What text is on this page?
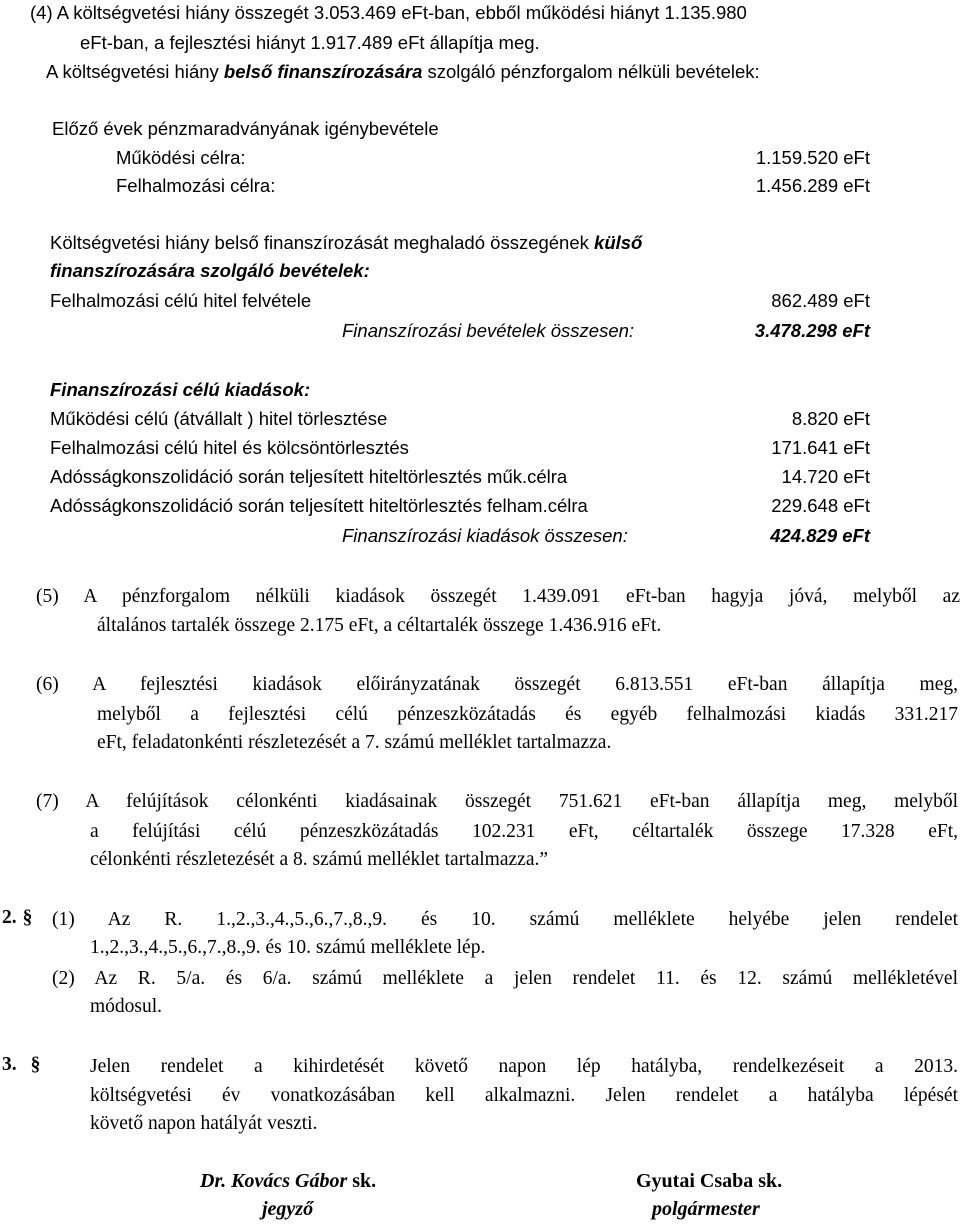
(4) A költségvetési hiány összegét 3.053.469 eFt-ban, ebből működési hiányt 1.135.980
eFt-ban, a fejlesztési hiányt 1.917.489 eFt állapítja meg.
A költségvetési hiány belső finanszírozására szolgáló pénzforgalom nélküli bevételek:
Előző évek pénzmaradványának igénybevétele
Működési célra:	1.159.520 eFt
Felhalmozási célra:	1.456.289 eFt
Költségvetési hiány belső finanszírozását meghaladó összegének külső
finanszírozására szolgáló bevételek:
Felhalmozási célú hitel felvétele	862.489 eFt
Finanszírozási bevételek összesen:	3.478.298 eFt
Finanszírozási célú kiadások:
Működési célú (átvállalt ) hitel törlesztése	8.820 eFt
Felhalmozási célú hitel és kölcsöntörlesztés	171.641 eFt
Adósságkonszolidáció során teljesített hiteltörlesztés műk.célra	14.720 eFt
Adósságkonszolidáció során teljesített hiteltörlesztés felham.célra	229.648 eFt
Finanszírozási kiadások összesen:	424.829 eFt
(5) A pénzforgalom nélküli kiadások összegét 1.439.091 eFt-ban hagyja jóvá, melyből az
általános tartalék összege 2.175 eFt, a céltartalék összege 1.436.916 eFt.
(6) A fejlesztési kiadások előirányzatának összegét 6.813.551 eFt-ban állapítja meg,
melyből a fejlesztési célú pénzeszközátadás és egyéb felhalmozási kiadás 331.217
eFt, feladatonkénti részletezését a 7. számú melléklet tartalmazza.
(7) A felújítások célonkénti kiadásainak összegét 751.621 eFt-ban állapítja meg, melyből
a felújítási célú pénzeszközátadás 102.231 eFt, céltartalék összege 17.328 eFt,
célonkénti részletezését a 8. számú melléklet tartalmazza.”
2. § (1) Az R. 1.,2.,3.,4.,5.,6.,7.,8.,9. és 10. számú melléklete helyébe jelen rendelet
1.,2.,3.,4.,5.,6.,7.,8.,9. és 10. számú melléklete lép.
(2) Az R. 5/a. és 6/a. számú melléklete a jelen rendelet 11. és 12. számú mellékletével
módosul.
3. §	Jelen rendelet a kihirdetését követő napon lép hatályba, rendelkezéseit a 2013.
költségvetési év vonatkozásában kell alkalmazni. Jelen rendelet a hatályba lépését
követő napon hatályát veszti.
Dr. Kovács Gábor sk.
jegyző
Gyutai Csaba sk.
polgármester
